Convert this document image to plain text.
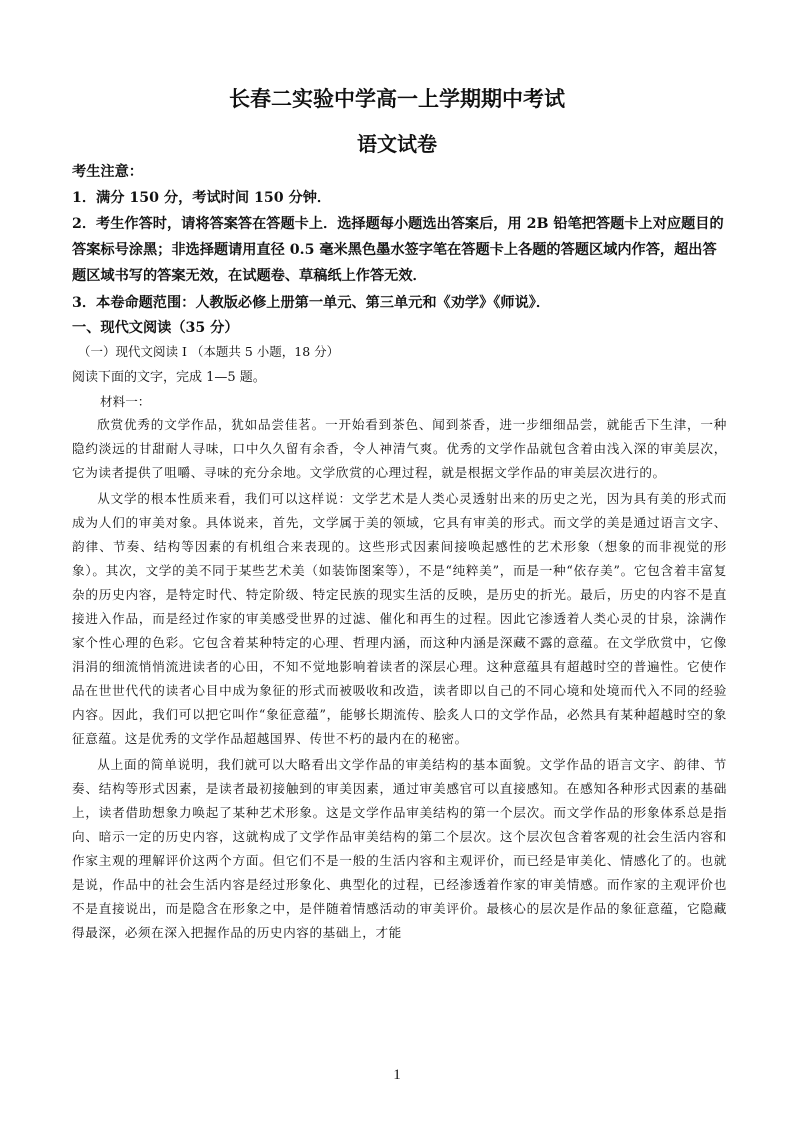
长春二实验中学高一上学期期中考试
语文试卷

考生注意：

1．满分 150 分，考试时间 150 分钟．

2．考生作答时，请将答案答在答题卡上．选择题每小题选出答案后，用 2B 铅笔把答题卡上对应题目的答案标号涂黑；非选择题请用直径 0.5 毫米黑色墨水签字笔在答题卡上各题的答题区域内作答，超出答题区域书写的答案无效，在试题卷、草稿纸上作答无效．

3．本卷命题范围：人教版必修上册第一单元、第三单元和《劝学》《师说》．

一、现代文阅读（35 分）
（一）现代文阅读 I （本题共 5 小题，18 分）
阅读下面的文字，完成 1—5 题。
材料一：

欣赏优秀的文学作品，犹如品尝佳茗。一开始看到茶色、闻到茶香，进一步细细品尝，就能舌下生津，一种隐约淡远的甘甜耐人寻味，口中久久留有余香，令人神清气爽。优秀的文学作品就包含着由浅入深的审美层次，它为读者提供了咀嚼、寻味的充分余地。文学欣赏的心理过程，就是根据文学作品的审美层次进行的。

从文学的根本性质来看，我们可以这样说：文学艺术是人类心灵透射出来的历史之光，因为具有美的形式而成为人们的审美对象。具体说来，首先，文学属于美的领域，它具有审美的形式。而文学的美是通过语言文字、韵律、节奏、结构等因素的有机组合来表现的。这些形式因素间接唤起感性的艺术形象（想象的而非视觉的形象）。其次，文学的美不同于某些艺术美（如装饰图案等），不是“纯粹美”，而是一种“依存美”。它包含着丰富复杂的历史内容，是特定时代、特定阶级、特定民族的现实生活的反映，是历史的折光。最后，历史的内容不是直接进入作品，而是经过作家的审美感受世界的过滤、催化和再生的过程。因此它渗透着人类心灵的甘泉，涂满作家个性心理的色彩。它包含着某种特定的心理、哲理内涵，而这种内涵是深藏不露的意蕴。在文学欣赏中，它像涓涓的细流悄悄流进读者的心田，不知不觉地影响着读者的深层心理。这种意蕴具有超越时空的普遍性。它使作品在世世代代的读者心目中成为象征的形式而被吸收和改造，读者即以自己的不同心境和处境而代入不同的经验内容。因此，我们可以把它叫作“象征意蕴”，能够长期流传、脍炙人口的文学作品，必然具有某种超越时空的象征意蕴。这是优秀的文学作品超越国界、传世不朽的最内在的秘密。

从上面的简单说明，我们就可以大略看出文学作品的审美结构的基本面貌。文学作品的语言文字、韵律、节奏、结构等形式因素，是读者最初接触到的审美因素，通过审美感官可以直接感知。在感知各种形式因素的基础上，读者借助想象力唤起了某种艺术形象。这是文学作品审美结构的第一个层次。而文学作品的形象体系总是指向、暗示一定的历史内容，这就构成了文学作品审美结构的第二个层次。这个层次包含着客观的社会生活内容和作家主观的理解评价这两个方面。但它们不是一般的生活内容和主观评价，而已经是审美化、情感化了的。也就是说，作品中的社会生活内容是经过形象化、典型化的过程，已经渗透着作家的审美情感。而作家的主观评价也不是直接说出，而是隐含在形象之中，是伴随着情感活动的审美评价。最核心的层次是作品的象征意蕴，它隐藏得最深，必须在深入把握作品的历史内容的基础上，才能

1
